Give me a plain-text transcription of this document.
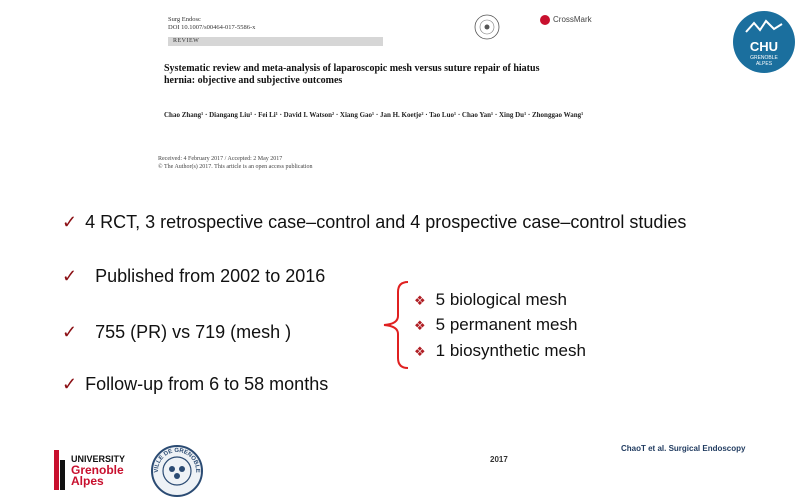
Surg Endosc
DOI 10.1007/s00464-017-5586-x
REVIEW
CrossMark
Systematic review and meta-analysis of laparoscopic mesh versus suture repair of hiatus hernia: objective and subjective outcomes
Chao Zhang¹ · Diangang Liu¹ · Fei Li¹ · David I. Watson² · Xiang Gao¹ · Jan H. Koetje² · Tao Luo¹ · Chao Yan¹ · Xing Du¹ · Zhonggao Wang¹
Received: 4 February 2017 / Accepted: 2 May 2017
© The Author(s) 2017. This article is an open access publication
CHU
GRENOBLE
ALPES
✓ 4 RCT, 3 retrospective case–control and 4 prospective case–control studies
✓ Published from 2002 to 2016
✓ 755 (PR) vs 719 (mesh )
✓ Follow-up from 6 to 58 months
❖ 5 biological mesh
❖ 5 permanent mesh
❖ 1 biosynthetic mesh
UNIVERSITY
Grenoble
Alpes
VILLE DE GRENOBLE
2017
ChaoT et al. Surgical Endoscopy
